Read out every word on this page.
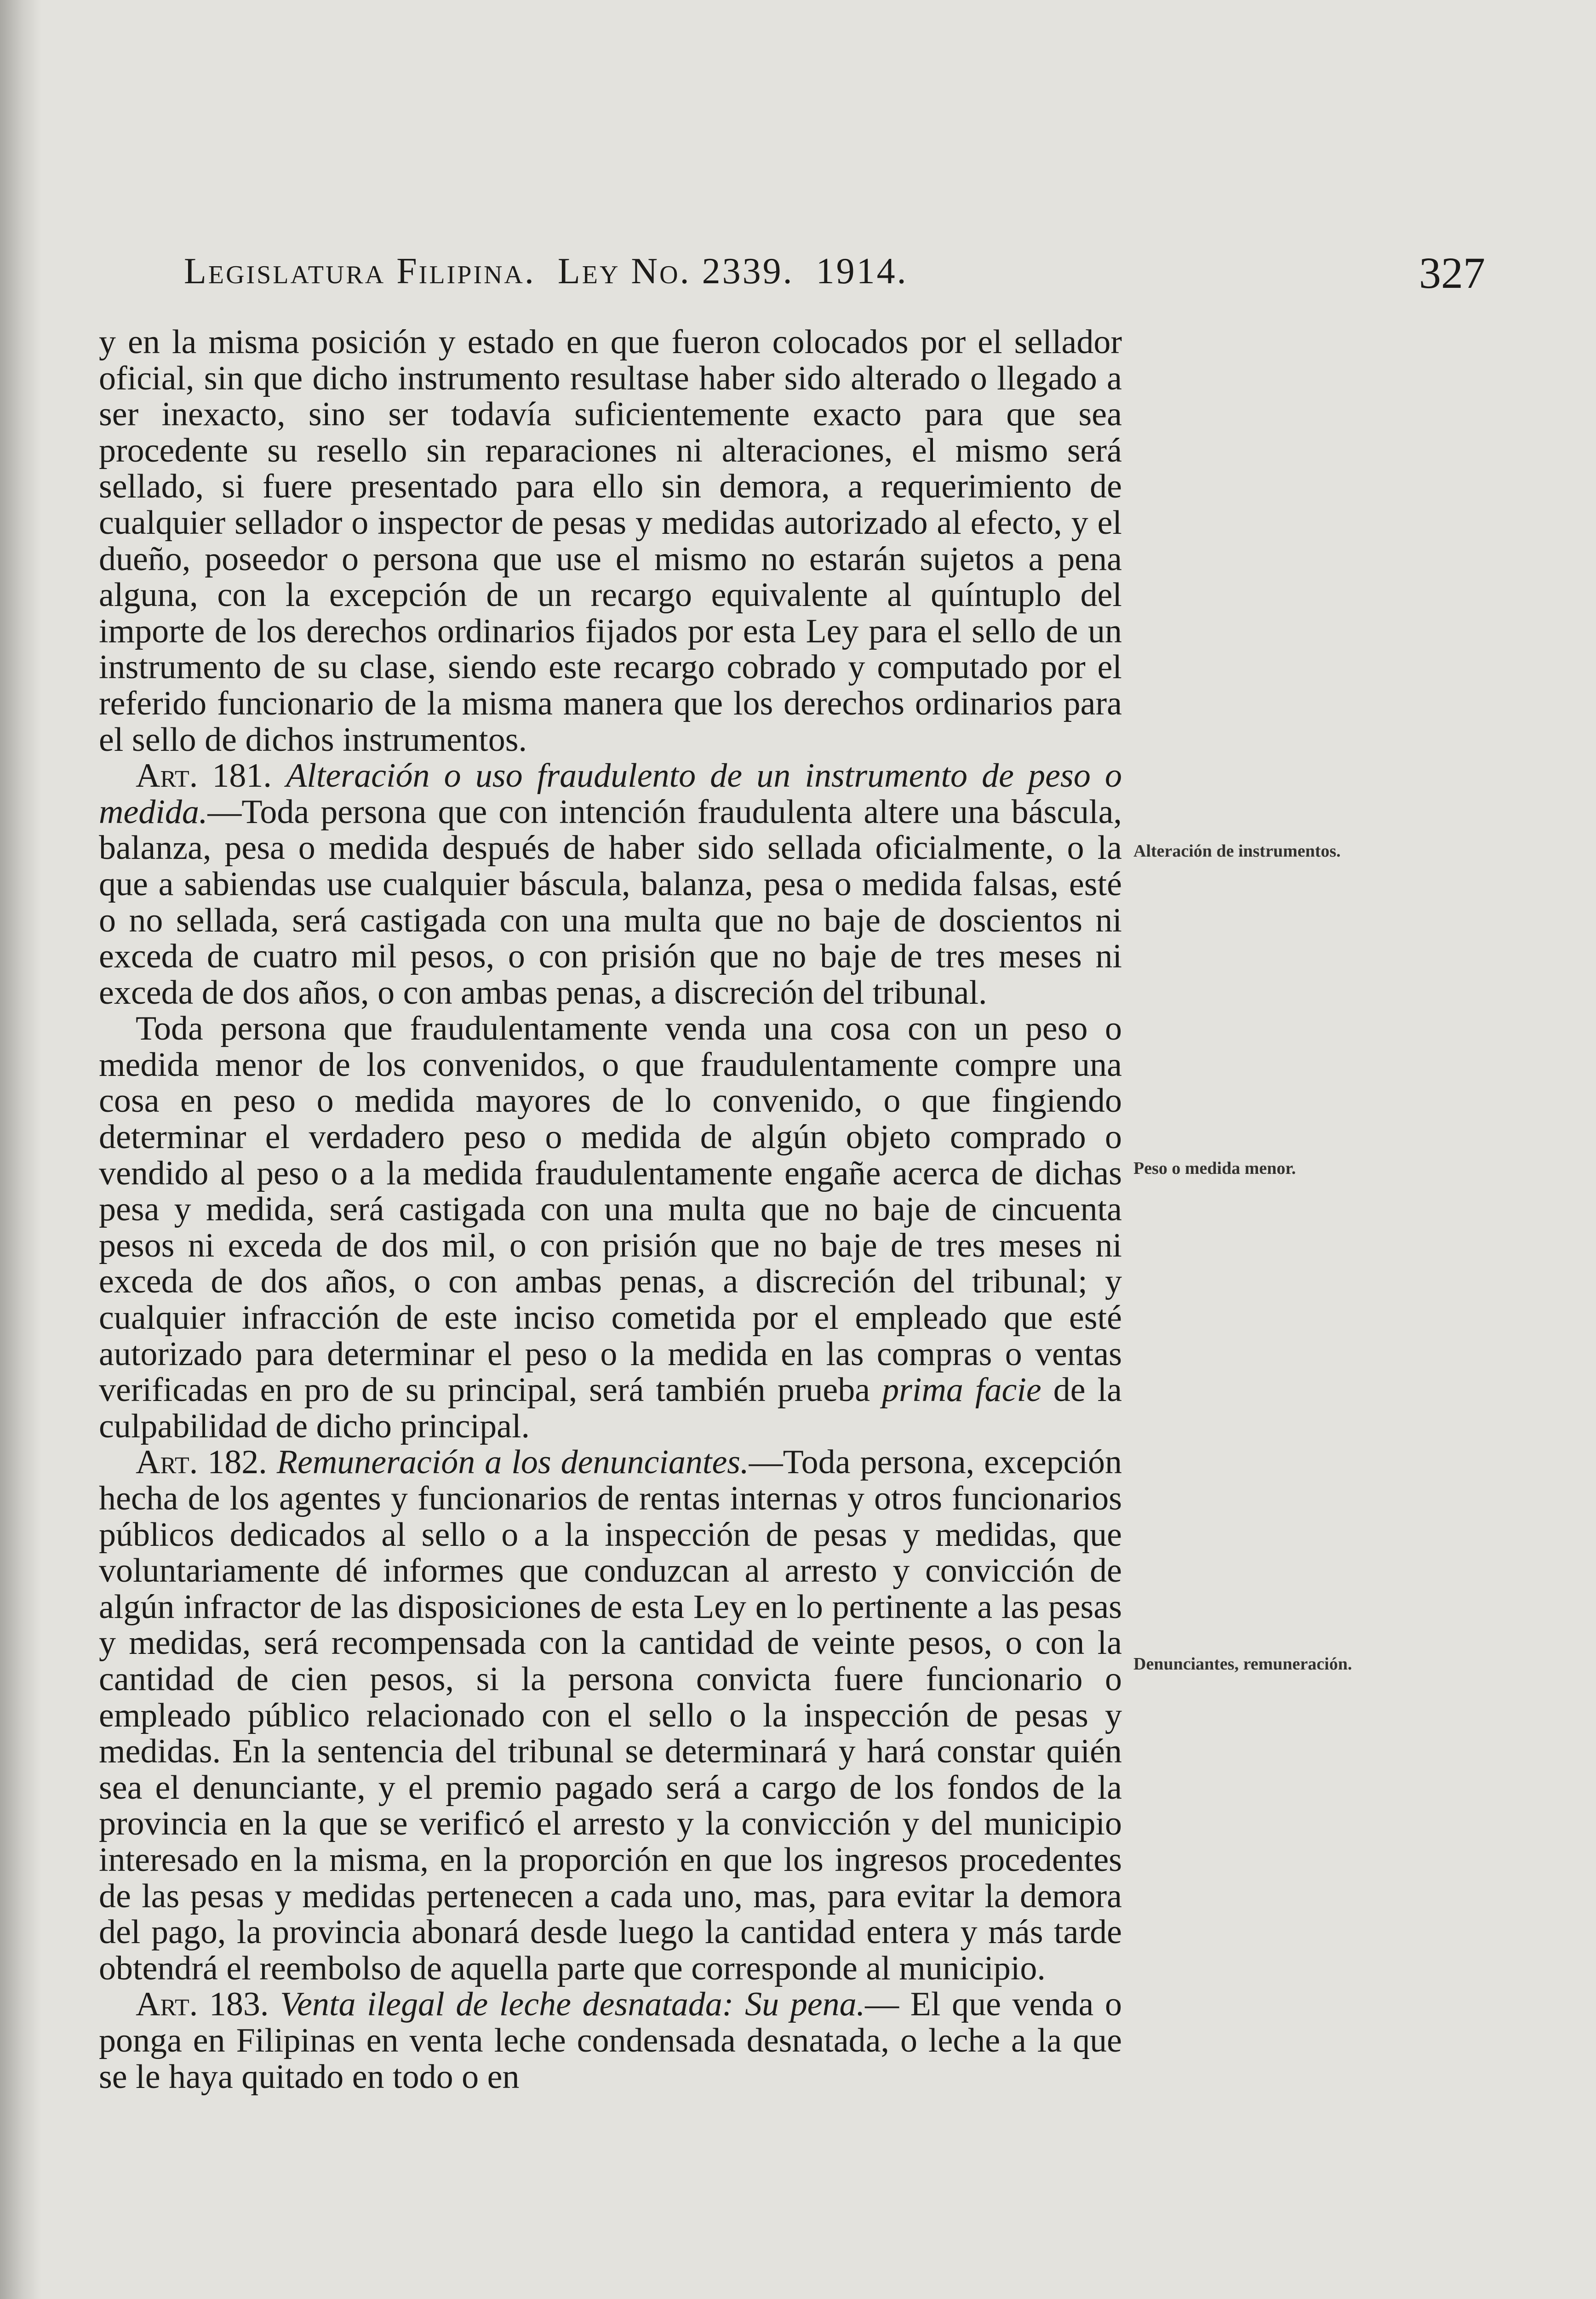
Legislatura Filipina. Ley No. 2339. 1914.	327

y en la misma posición y estado en que fueron colocados por el sellador oficial, sin que dicho instrumento resultase haber sido alterado o llegado a ser inexacto, sino ser todavía suficientemente exacto para que sea procedente su resello sin reparaciones ni alteraciones, el mismo será sellado, si fuere presentado para ello sin demora, a requerimiento de cualquier sellador o inspector de pesas y medidas autorizado al efecto, y el dueño, poseedor o persona que use el mismo no estarán sujetos a pena alguna, con la excepción de un recargo equivalente al quíntuplo del importe de los derechos ordinarios fijados por esta Ley para el sello de un instrumento de su clase, siendo este recargo cobrado y computado por el referido funcionario de la misma manera que los derechos ordinarios para el sello de dichos instrumentos.

Art. 181. Alteración o uso fraudulento de un instrumento de peso o medida.—Toda persona que con intención fraudulenta altere una báscula, balanza, pesa o medida después de haber sido sellada oficialmente, o la que a sabiendas use cualquier báscula, balanza, pesa o medida falsas, esté o no sellada, será castigada con una multa que no baje de doscientos ni exceda de cuatro mil pesos, o con prisión que no baje de tres meses ni exceda de dos años, o con ambas penas, a discreción del tribunal.

Toda persona que fraudulentamente venda una cosa con un peso o medida menor de los convenidos, o que fraudulentamente compre una cosa en peso o medida mayores de lo convenido, o que fingiendo determinar el verdadero peso o medida de algún objeto comprado o vendido al peso o a la medida fraudulentamente engañe acerca de dichas pesa y medida, será castigada con una multa que no baje de cincuenta pesos ni exceda de dos mil, o con prisión que no baje de tres meses ni exceda de dos años, o con ambas penas, a discreción del tribunal; y cualquier infracción de este inciso cometida por el empleado que esté autorizado para determinar el peso o la medida en las compras o ventas verificadas en pro de su principal, será también prueba prima facie de la culpabilidad de dicho principal.

Art. 182. Remuneración a los denunciantes.—Toda persona, excepción hecha de los agentes y funcionarios de rentas internas y otros funcionarios públicos dedicados al sello o a la inspección de pesas y medidas, que voluntariamente dé informes que conduzcan al arresto y convicción de algún infractor de las disposiciones de esta Ley en lo pertinente a las pesas y medidas, será recompensada con la cantidad de veinte pesos, o con la cantidad de cien pesos, si la persona convicta fuere funcionario o empleado público relacionado con el sello o la inspección de pesas y medidas. En la sentencia del tribunal se determinará y hará constar quién sea el denunciante, y el premio pagado será a cargo de los fondos de la provincia en la que se verificó el arresto y la convicción y del municipio interesado en la misma, en la proporción en que los ingresos procedentes de las pesas y medidas pertenecen a cada uno, mas, para evitar la demora del pago, la provincia abonará desde luego la cantidad entera y más tarde obtendrá el reembolso de aquella parte que corresponde al municipio.

Art. 183. Venta ilegal de leche desnatada: Su pena.— El que venda o ponga en Filipinas en venta leche condensada desnatada, o leche a la que se le haya quitado en todo o en

Alteración de instrumentos.
Peso o medida menor.
Denunciantes, remuneración.
